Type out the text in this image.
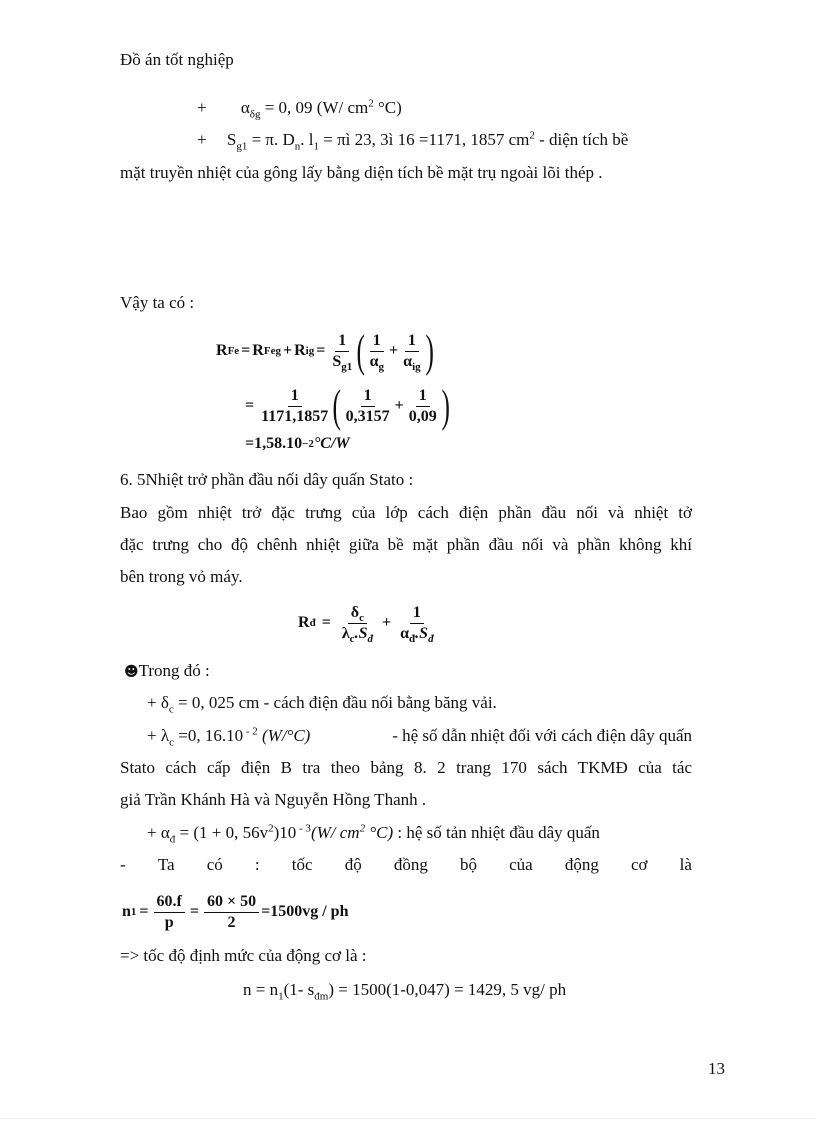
Đồ án tốt nghiệp
+ $\alpha_{\delta g} = 0$, 09 (W/ $cm^2$ °C)
+ $S_{g1} = \pi$. $D_n$. $l_1$ = πì 23, 3ì 16 =1171, 1857 $cm^2$ - diện tích bề
mặt truyền nhiệt của gông lấy bằng diện tích bề mặt trụ ngoài lõi thép .
Vậy ta có :
R Fe = R Feg + R ig = $\frac{1}{S_{g1}}$ ( $\frac{1}{\alpha_g} + \frac{1}{\alpha_{ig}}$ )
= $\frac{1}{1171,1857}$ ( $\frac{1}{0,3157} + \frac{1}{0,09}$ )
=1,58.10 −2 °C/W
6. 5Nhiệt trở phần đầu nối dây quấn Stato :
Bao gồm nhiệt trở đặc trưng của lớp cách điện phần đầu nối và nhiệt tở
đặc trưng cho độ chênh nhiệt giữa bề mặt phần đầu nối và phần không khí
bên trong vỏ máy.
R đ = $\frac{\delta_c}{\lambda_c.S_đ} + \frac{1}{\alpha_đ.S_đ}$
☻Trong đó :
+ $\delta_c = 0$, 025 cm - cách điện đầu nối bằng băng vải.
+ $\lambda_c =0$, 16.10 $^{- 2}$ (W/°C)	- hệ số dẫn nhiệt đối với cách điện dây quấn
Stato cách cấp điện B tra theo bảng 8. 2 trang 170 sách TKMĐ của tác
giả Trần Khánh Hà và Nguyễn Hồng Thanh .
+ $\alpha_đ = (1 + 0$, $56v^2)10$ $^{- 3}$(W/ $cm^2$ °C) : hệ số tản nhiệt đầu dây quấn
- Ta có : tốc độ đồng bộ của động cơ là
n $1 = \frac{60.f}{p} = \frac{60 \times 50}{2} =1500vg$ / ph
=> tốc độ định mức của động cơ là :
$n = n_1(1-$ $s_{đm}) = 1500(1-0,047) = 1429$, 5 vg/ ph
13
